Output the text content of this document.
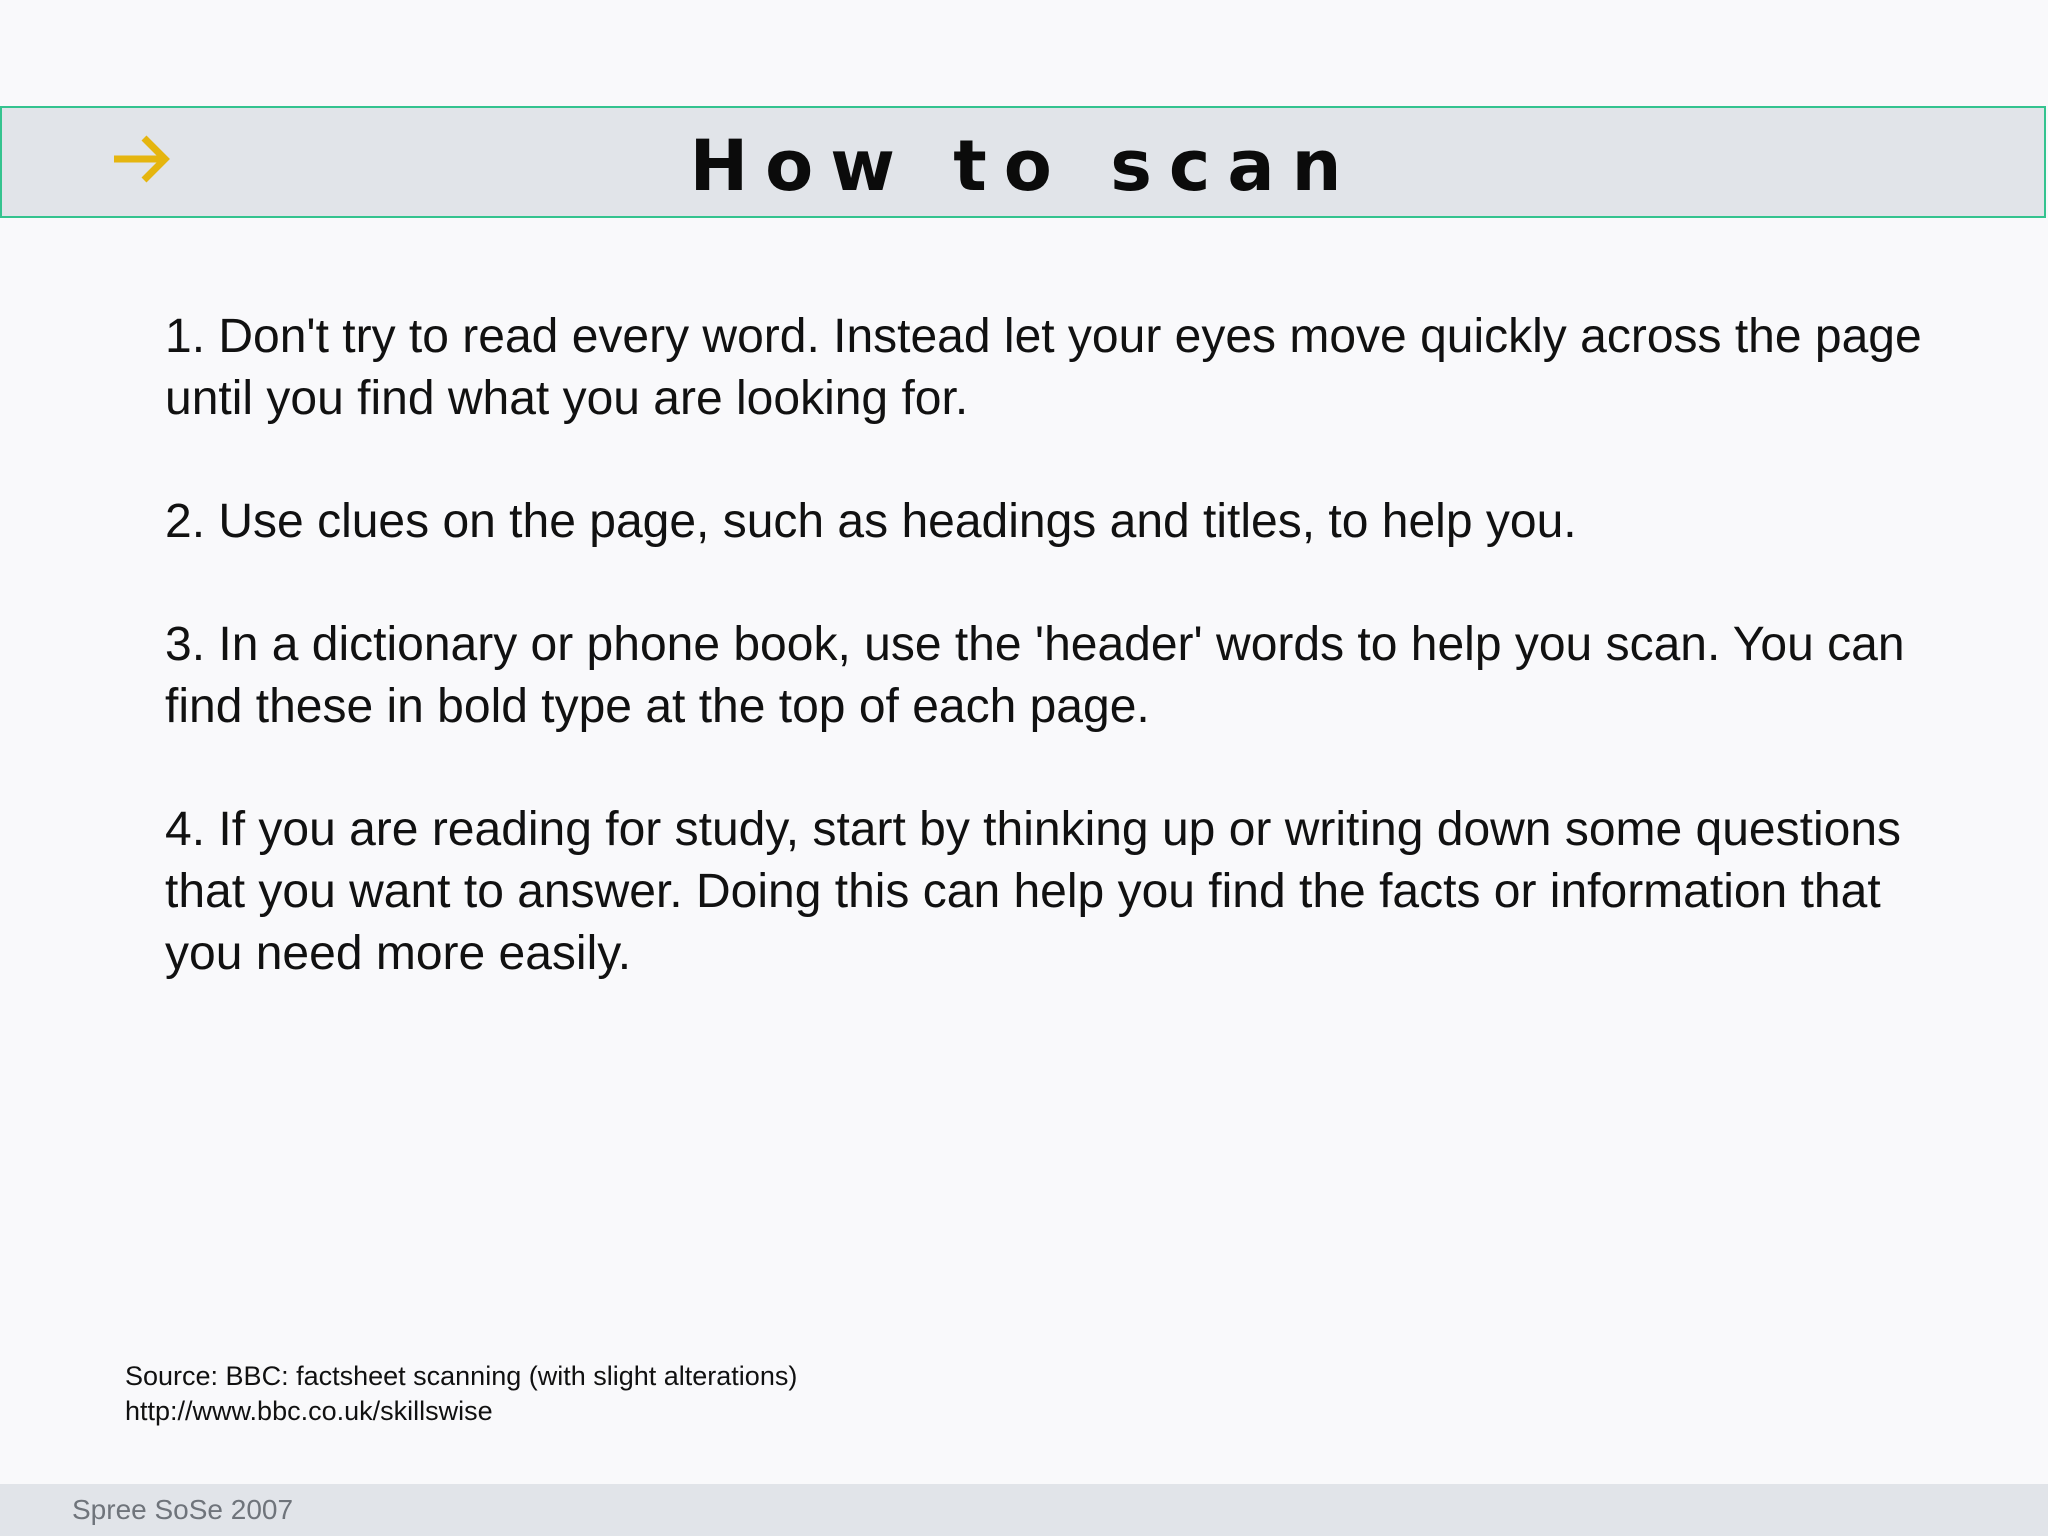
How to scan

1. Don't try to read every word. Instead let your eyes move quickly across the page until you find what you are looking for.

2. Use clues on the page, such as headings and titles, to help you.

3. In a dictionary or phone book, use the 'header' words to help you scan. You can find these in bold type at the top of each page.

4. If you are reading for study, start by thinking up or writing down some questions that you want to answer. Doing this can help you find the facts or information that you need more easily.

Source: BBC: factsheet scanning (with slight alterations)
http://www.bbc.co.uk/skillswise
Spree SoSe 2007
